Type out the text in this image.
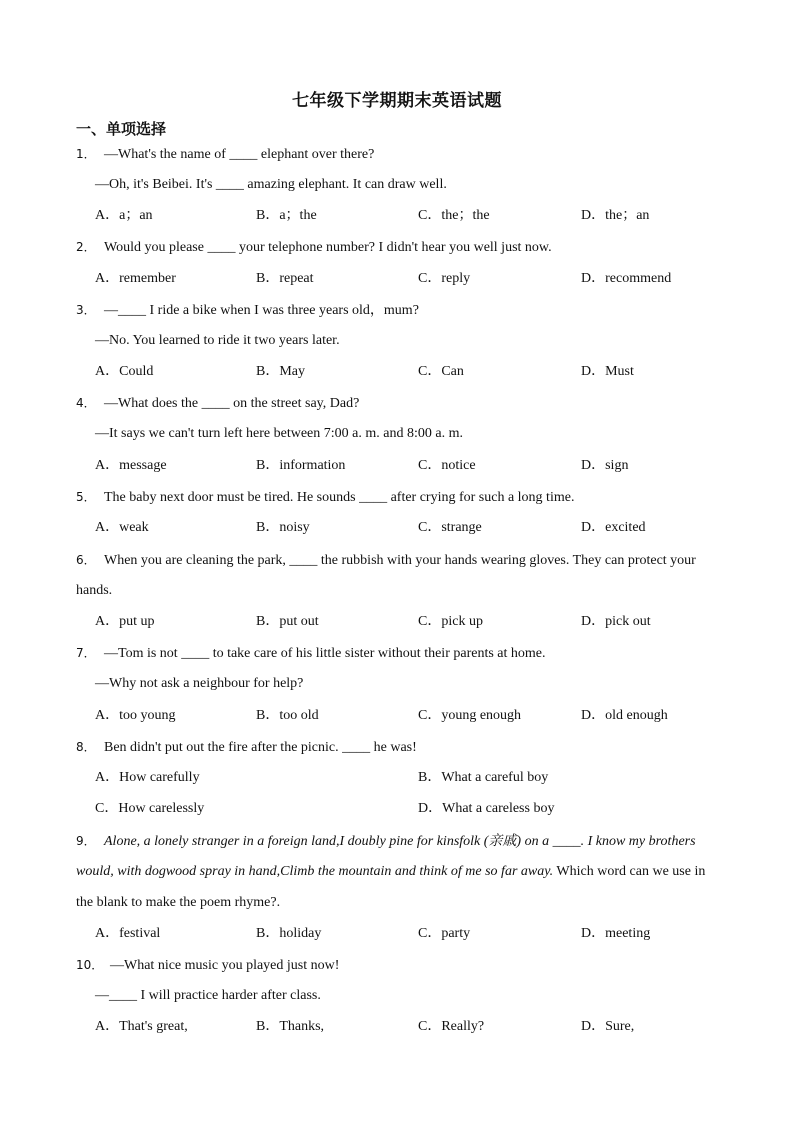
七年级下学期期末英语试题
一、单项选择
1． —What's the name of ____ elephant over there?
—Oh, it's Beibei. It's ____ amazing elephant. It can draw well.
A．a；an	B．a；the	C．the；the	D．the；an
2． Would you please ____ your telephone number? I didn't hear you well just now.
A．remember	B．repeat	C．reply	D．recommend
3． —____ I ride a bike when I was three years old，mum?
—No. You learned to ride it two years later.
A．Could	B．May	C．Can	D．Must
4． —What does the ____ on the street say, Dad?
—It says we can't turn left here between 7:00 a. m. and 8:00 a. m.
A．message	B．information	C．notice	D．sign
5． The baby next door must be tired. He sounds ____ after crying for such a long time.
A．weak	B．noisy	C．strange	D．excited
6． When you are cleaning the park, ____ the rubbish with your hands wearing gloves. They can protect your
hands.
A．put up	B．put out	C．pick up	D．pick out
7． —Tom is not ____ to take care of his little sister without their parents at home.
—Why not ask a neighbour for help?
A．too young	B．too old	C．young enough	D．old enough
8． Ben didn't put out the fire after the picnic. ____ he was!
A．How carefully	B．What a careful boy
C．How carelessly	D．What a careless boy
9． Alone, a lonely stranger in a foreign land,I doubly pine for kinsfolk (亲戚) on a ____. I know my brothers
would, with dogwood spray in hand,Climb the mountain and think of me so far away. Which word can we use in
the blank to make the poem rhyme?.
A．festival	B．holiday	C．party	D．meeting
10． —What nice music you played just now!
—____ I will practice harder after class.
A．That's great,	B．Thanks,	C．Really?	D．Sure,
